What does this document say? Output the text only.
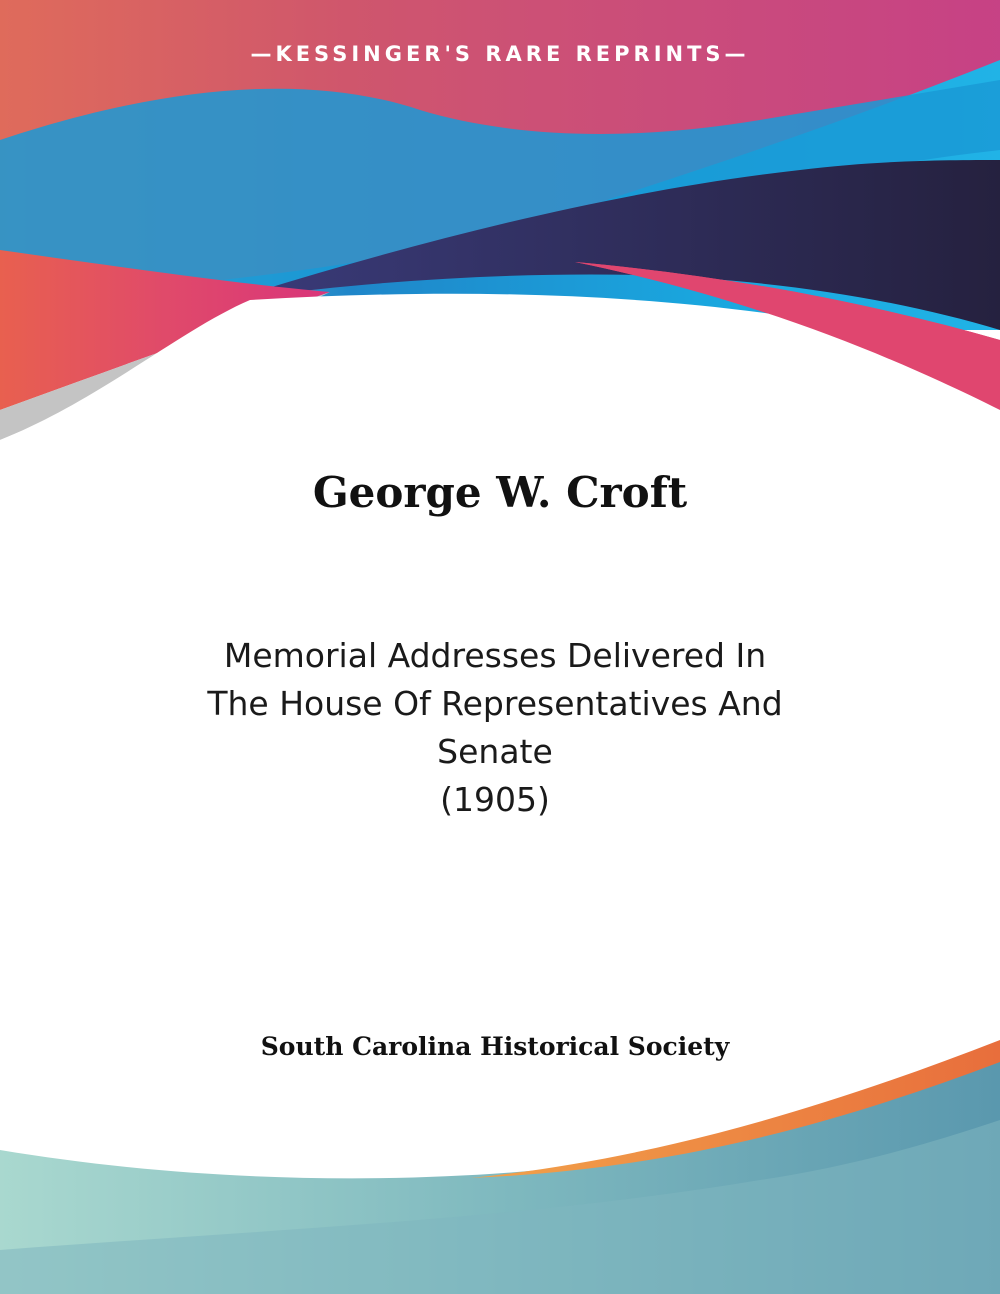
—KESSINGER'S RARE REPRINTS—
George W. Croft
Memorial Addresses Delivered In
The House Of Representatives And
Senate
(1905)
South Carolina Historical Society
